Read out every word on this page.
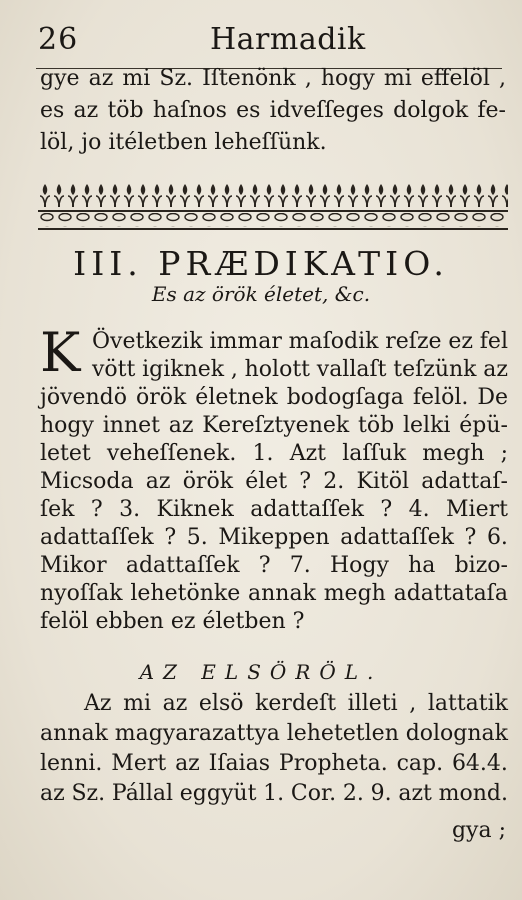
26	Harmadik
gye az mi Sz. Iſtenönk , hogy mi effelöl ,
es az töb haſnos es idveſſeges dolgok fe-
löl, jo itéletben leheſſünk.
III. PRÆDIKATIO.
Es az örök életet, &c.
K Övetkezik immar maſodik reſze ez fel
vött igiknek , holott vallaſt teſzünk az
jövendö örök életnek bodogſaga felöl. De
hogy innet az Kereſztyenek töb lelki épü-
letet veheſſenek. 1. Azt laſſuk megh ;
Micsoda az örök élet ? 2. Kitöl adattaſ-
ſek ? 3. Kiknek adattaſſek ? 4. Miert
adattaſſek ? 5. Mikeppen adattaſſek ? 6.
Mikor adattaſſek ? 7. Hogy ha bizo-
nyoſſak lehetönke annak megh adattataſa
felöl ebben ez életben ?
AZ ELSÖRÖL.
Az mi az elsö kerdeſt illeti , lattatik
annak magyarazattya lehetetlen dolognak
lenni. Mert az Iſaias Propheta. cap. 64.4.
az Sz. Pállal eggyüt 1. Cor. 2. 9. azt mond.
gya ;
